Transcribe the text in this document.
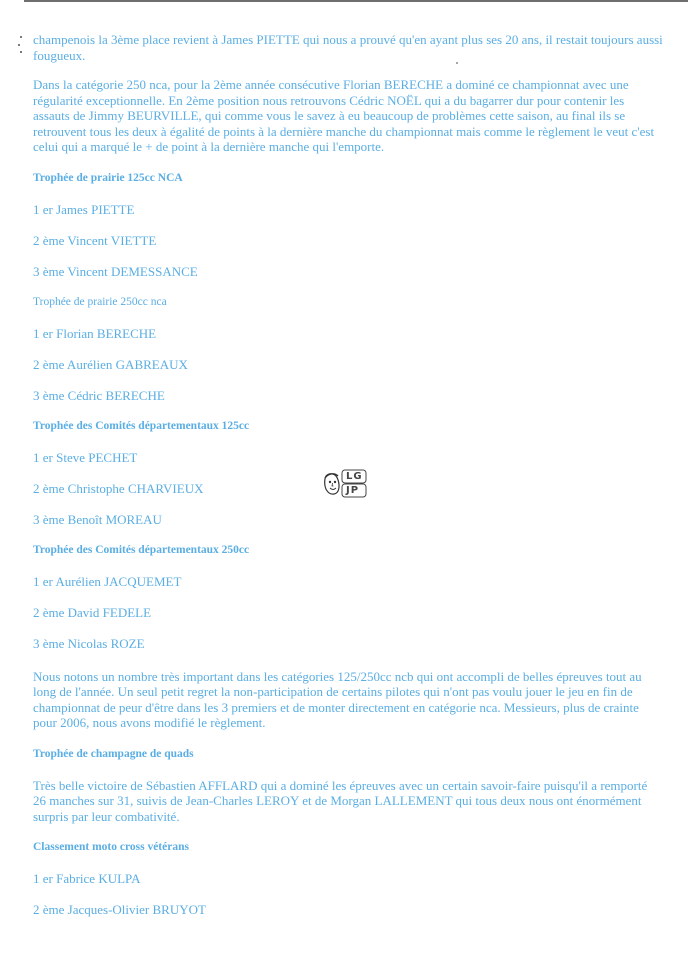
champenois la 3ème place revient à James PIETTE qui nous a prouvé qu'en ayant plus ses 20 ans, il restait toujours aussi fougueux.

Dans la catégorie 250 nca, pour la 2ème année consécutive Florian BERECHE a dominé ce championnat avec une régularité exceptionnelle. En 2ème position nous retrouvons Cédric NOËL qui a du bagarrer dur pour contenir les assauts de Jimmy BEURVILLE, qui comme vous le savez à eu beaucoup de problèmes cette saison, au final ils se retrouvent tous les deux à égalité de points à la dernière manche du championnat mais comme le règlement le veut c'est celui qui a marqué le + de point à la dernière manche qui l'emporte.

Trophée de prairie 125cc NCA

1 er James PIETTE

2 ème Vincent VIETTE

3 ème Vincent DEMESSANCE

Trophée de prairie 250cc nca

1 er Florian BERECHE

2 ème Aurélien GABREAUX

3 ème Cédric BERECHE

Trophée des Comités départementaux 125cc

1 er Steve PECHET

2 ème Christophe CHARVIEUX

3 ème Benoît MOREAU

Trophée des Comités départementaux 250cc

1 er Aurélien JACQUEMET

2 ème David FEDELE

3 ème Nicolas ROZE

Nous notons un nombre très important dans les catégories 125/250cc ncb qui ont accompli de belles épreuves tout au long de l'année. Un seul petit regret la non-participation de certains pilotes qui n'ont pas voulu jouer le jeu en fin de championnat de peur d'être dans les 3 premiers et de monter directement en catégorie nca. Messieurs, plus de crainte pour 2006, nous avons modifié le règlement.

Trophée de champagne de quads

Très belle victoire de Sébastien AFFLARD qui a dominé les épreuves avec un certain savoir-faire puisqu'il a remporté 26 manches sur 31, suivis de Jean-Charles LEROY et de Morgan LALLEMENT qui tous deux nous ont énormément surpris par leur combativité.

Classement moto cross vétérans

1 er Fabrice KULPA

2 ème Jacques-Olivier BRUYOT

LG
JP
